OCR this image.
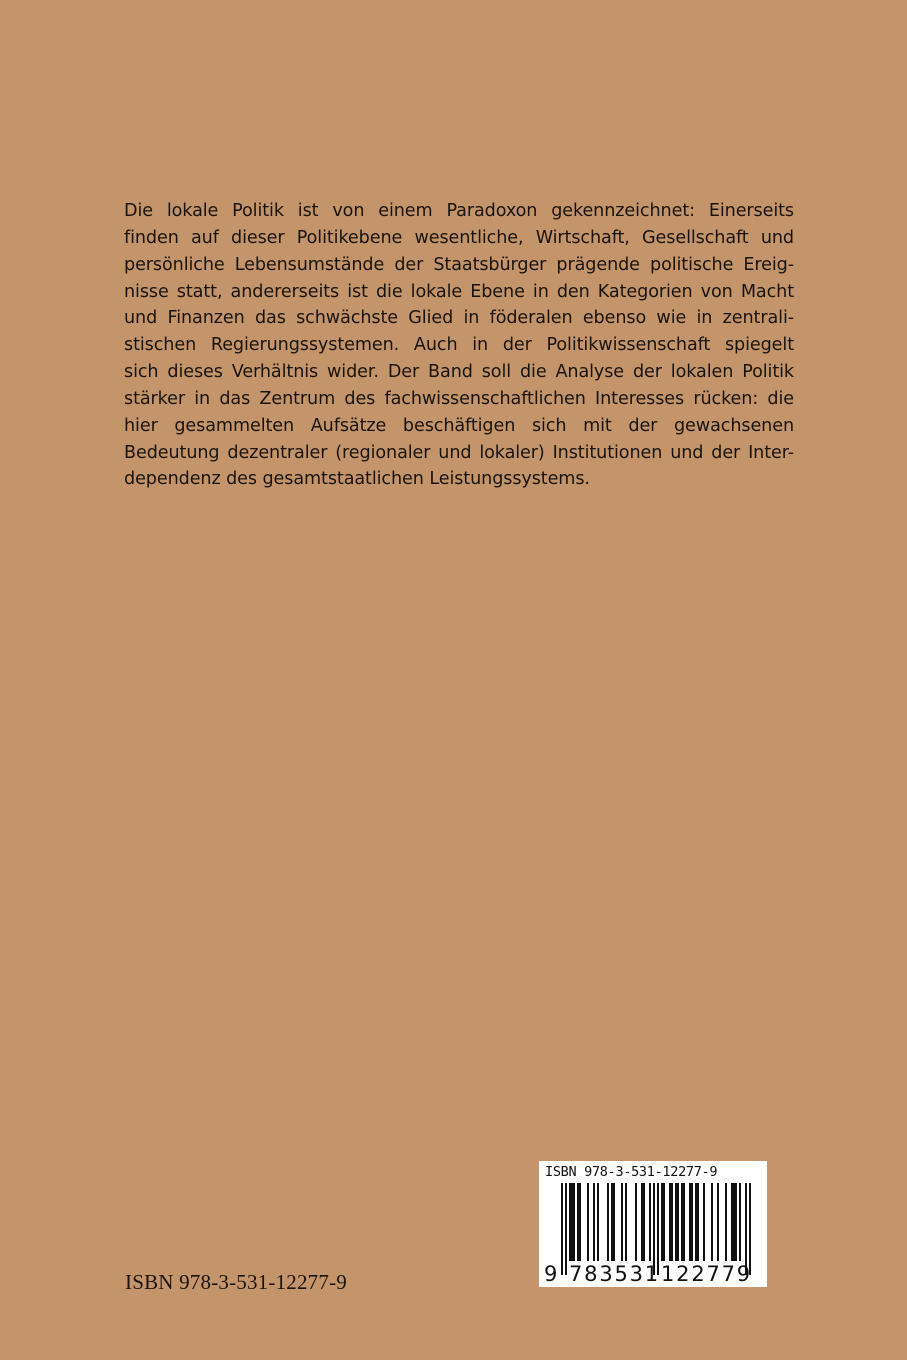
Die lokale Politik ist von einem Paradoxon gekennzeichnet: Einerseits
finden auf dieser Politikebene wesentliche, Wirtschaft, Gesellschaft und
persönliche Lebensumstände der Staatsbürger prägende politische Ereig-
nisse statt, andererseits ist die lokale Ebene in den Kategorien von Macht
und Finanzen das schwächste Glied in föderalen ebenso wie in zentrali-
stischen Regierungssystemen. Auch in der Politikwissenschaft spiegelt
sich dieses Verhältnis wider. Der Band soll die Analyse der lokalen Politik
stärker in das Zentrum des fachwissenschaftlichen Interesses rücken: die
hier gesammelten Aufsätze beschäftigen sich mit der gewachsenen
Bedeutung dezentraler (regionaler und lokaler) Institutionen und der Inter-
dependenz des gesamtstaatlichen Leistungssystems.
ISBN 978-3-531-12277-9
ISBN 978-3-531-12277-9
9 783531 122779
